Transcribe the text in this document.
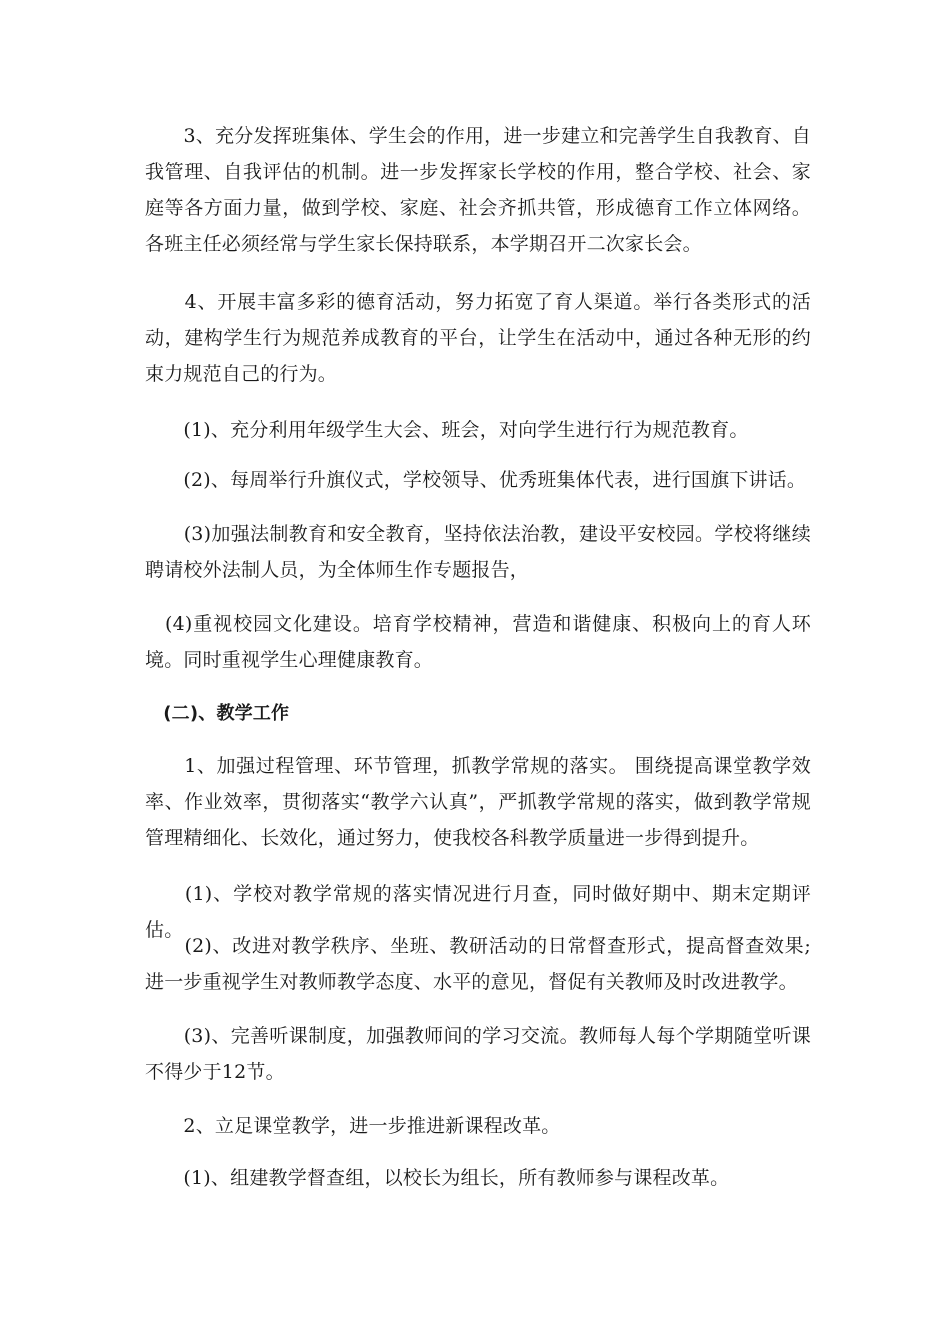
　　3、充分发挥班集体、学生会的作用，进一步建立和完善学生自我教育、自我管理、自我评估的机制。进一步发挥家长学校的作用，整合学校、社会、家庭等各方面力量，做到学校、家庭、社会齐抓共管，形成德育工作立体网络。各班主任必须经常与学生家长保持联系，本学期召开二次家长会。

　　4、开展丰富多彩的德育活动，努力拓宽了育人渠道。举行各类形式的活动，建构学生行为规范养成教育的平台，让学生在活动中，通过各种无形的约束力规范自己的行为。

　　(1)、充分利用年级学生大会、班会，对向学生进行行为规范教育。

　　(2)、每周举行升旗仪式，学校领导、优秀班集体代表，进行国旗下讲话。

　　(3)加强法制教育和安全教育，坚持依法治教，建设平安校园。学校将继续聘请校外法制人员，为全体师生作专题报告，

　(4)重视校园文化建设。培育学校精神，营造和谐健康、积极向上的育人环境。同时重视学生心理健康教育。

　(二)、教学工作

　　1、加强过程管理、环节管理，抓教学常规的落实。 围绕提高课堂教学效率、作业效率，贯彻落实“教学六认真”，严抓教学常规的落实，做到教学常规管理精细化、长效化，通过努力，使我校各科教学质量进一步得到提升。

　　(1)、学校对教学常规的落实情况进行月查，同时做好期中、期末定期评估。

　　(2)、改进对教学秩序、坐班、教研活动的日常督查形式，提高督查效果;进一步重视学生对教师教学态度、水平的意见，督促有关教师及时改进教学。

　　(3)、完善听课制度，加强教师间的学习交流。教师每人每个学期随堂听课不得少于12节。

　　2、立足课堂教学，进一步推进新课程改革。

　　(1)、组建教学督查组，以校长为组长，所有教师参与课程改革。
